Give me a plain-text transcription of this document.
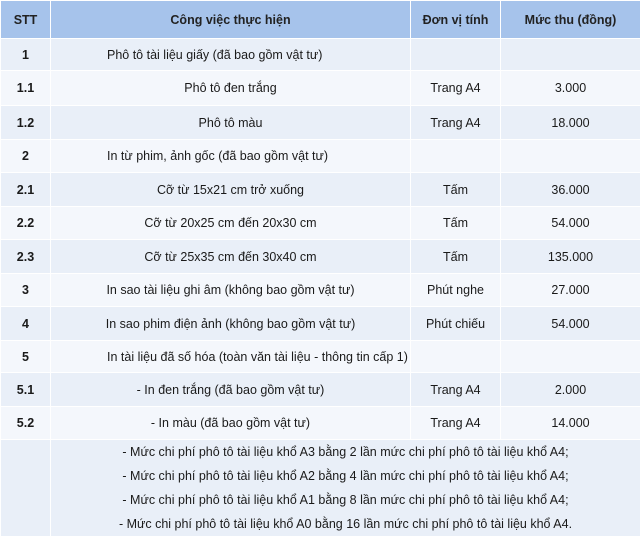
STT	Công việc thực hiện	Đơn vị tính	Mức thu (đồng)
1	Phô tô tài liệu giấy (đã bao gồm vật tư)		
1.1	Phô tô đen trắng	Trang A4	3.000
1.2	Phô tô màu	Trang A4	18.000
2	In từ phim, ảnh gốc (đã bao gồm vật tư)		
2.1	Cỡ từ 15x21 cm trở xuống	Tấm	36.000
2.2	Cỡ từ 20x25 cm đến 20x30 cm	Tấm	54.000
2.3	Cỡ từ 25x35 cm đến 30x40 cm	Tấm	135.000
3	In sao tài liệu ghi âm (không bao gồm vật tư)	Phút nghe	27.000
4	In sao phim điện ảnh (không bao gồm vật tư)	Phút chiếu	54.000
5	In tài liệu đã số hóa (toàn văn tài liệu - thông tin cấp 1)		
5.1	- In đen trắng (đã bao gồm vật tư)	Trang A4	2.000
5.2	- In màu (đã bao gồm vật tư)	Trang A4	14.000

	- Mức chi phí phô tô tài liệu khổ A3 bằng 2 lần mức chi phí phô tô tài liệu khổ A4;
- Mức chi phí phô tô tài liệu khổ A2 bằng 4 lần mức chi phí phô tô tài liệu khổ A4;
- Mức chi phí phô tô tài liệu khổ A1 bằng 8 lần mức chi phí phô tô tài liệu khổ A4;
- Mức chi phí phô tô tài liệu khổ A0 bằng 16 lần mức chi phí phô tô tài liệu khổ A4.		
